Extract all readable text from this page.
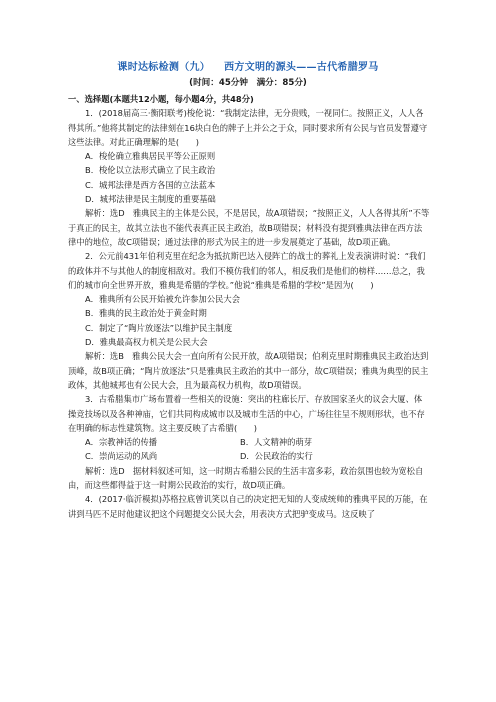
课时达标检测（九） 西方文明的源头——古代希腊罗马
(时间：45分钟　满分：85分)

一、选择题(本题共12小题，每小题4分，共48分)

1．(2018届高三·衡阳联考)梭伦说：“我制定法律，无分贵贱，一视同仁。按照正义，人人各得其所。”他将其制定的法律刻在16块白色的牌子上并公之于众，同时要求所有公民与官员发誓遵守这些法律。对此正确理解的是(　　)

A．梭伦确立雅典居民平等公正原则

B．梭伦以立法形式确立了民主政治

C．城邦法律是西方各国的立法蓝本

D．城邦法律是民主制度的重要基础

解析：选D　雅典民主的主体是公民，不是居民，故A项错误；“按照正义，人人各得其所”不等于真正的民主，故其立法也不能代表真正民主政治，故B项错误；材料没有提到雅典法律在西方法律中的地位，故C项错误；通过法律的形式为民主的进一步发展奠定了基础，故D项正确。

2．公元前431年伯利克里在纪念为抵抗斯巴达入侵阵亡的战士的葬礼上发表演讲时说：“我们的政体并不与其他人的制度相敌对。我们不模仿我们的邻人，相反我们是他们的榜样……总之，我们的城市向全世界开放，雅典是希腊的学校。”他说“雅典是希腊的学校”是因为(　　)

A．雅典所有公民开始被允许参加公民大会

B．雅典的民主政治处于黄金时期

C．制定了“陶片放逐法”以维护民主制度

D．雅典最高权力机关是公民大会

解析：选B　雅典公民大会一直向所有公民开放，故A项错误；伯利克里时期雅典民主政治达到顶峰，故B项正确；“陶片放逐法”只是雅典民主政治的其中一部分，故C项错误；雅典为典型的民主政体，其他城邦也有公民大会，且为最高权力机构，故D项错误。

3．古希腊集市广场布置着一些相关的设施：突出的柱廊长厅、存放国家圣火的议会大厦、体操竞技场以及各种神庙，它们共同构成城市以及城市生活的中心，广场往往呈不规则形状，也不存在明确的标志性建筑物。这主要反映了古希腊(　　)

A．宗教神话的传播	B．人文精神的萌芽
C．崇尚运动的风尚	D．公民政治的实行

解析：选D　据材料叙述可知，这一时期古希腊公民的生活丰富多彩，政治氛围也较为宽松自由，而这些都得益于这一时期公民政治的实行，故D项正确。

4．(2017·临沂模拟)苏格拉底曾讥笑以自己的决定把无知的人变成统帅的雅典平民的万能，在讲到马匹不足时他建议把这个问题提交公民大会，用表决方式把驴变成马。这反映了
